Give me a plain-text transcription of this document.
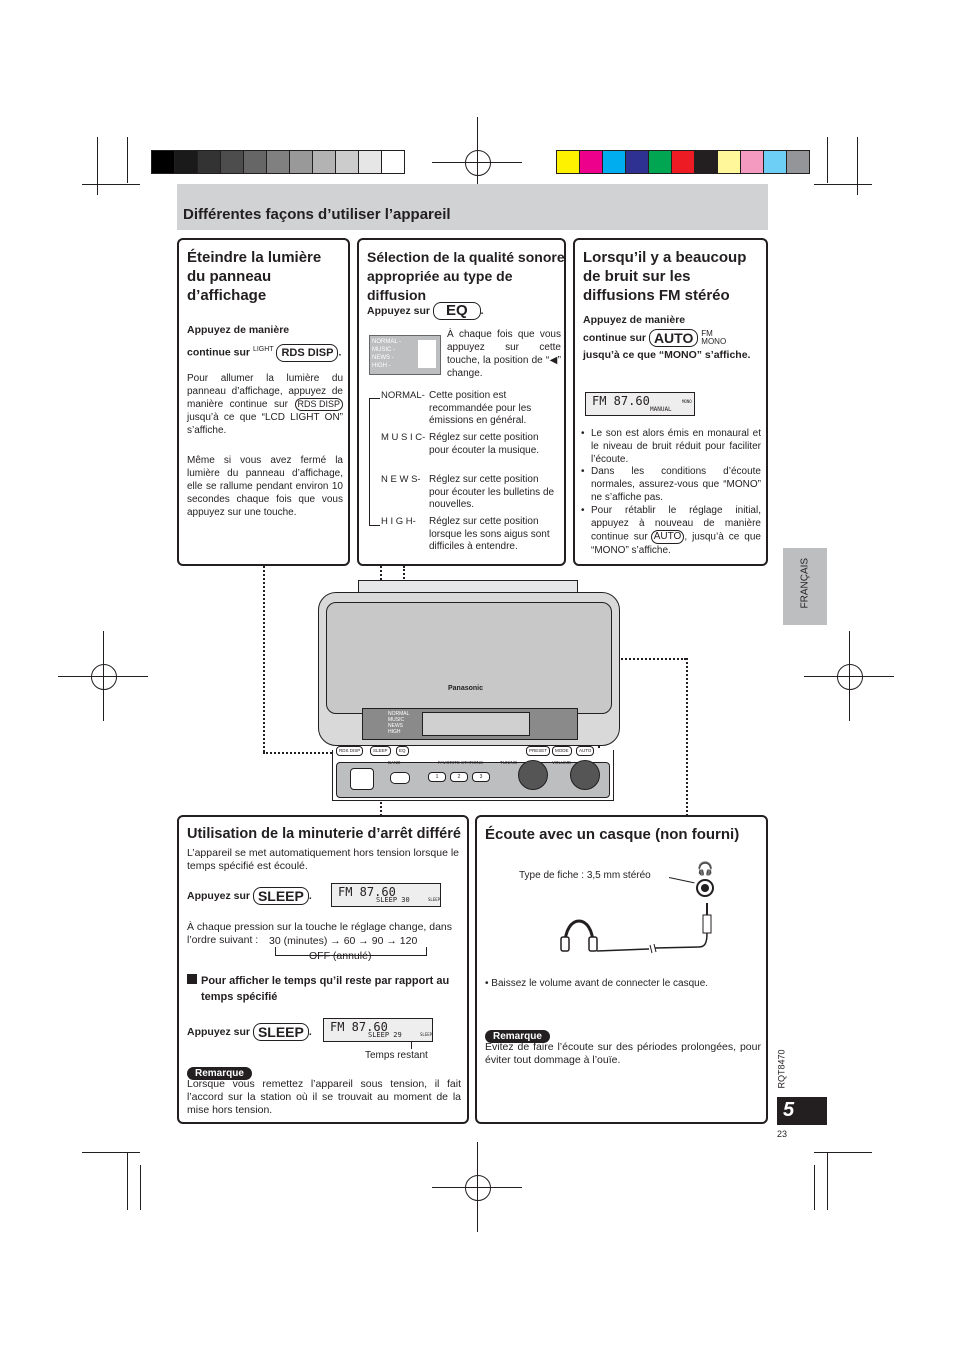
Différentes façons d’utiliser l’appareil
FRANÇAIS
Éteindre la lumière du panneau d’affichage
Appuyez de manière
continue sur $^{LIGHT}$ RDS DISP .
Pour allumer la lumière du panneau d’affichage, appuyez de manière continue sur RDS DISP jusqu’à ce que “LCD LIGHT ON” s’affiche.
Même si vous avez fermé la lumière du panneau d’affichage, elle se rallume pendant environ 10 secondes chaque fois que vous appuyez sur une touche.
Sélection de la qualité sonore appropriée au type de diffusion
Appuyez sur EQ .
NORMAL -
MUSIC -
NEWS -
HIGH -
À chaque fois que vous appuyez sur cette touche, la position de “◀” change.
NORMAL- Cette position est recommandée pour les émissions en général.
M U S I C- Réglez sur cette position pour écouter la musique.
N E W S- Réglez sur cette position pour écouter les bulletins de nouvelles.
H I G H-	Réglez sur cette position lorsque les sons aigus sont difficiles à entendre.
Lorsqu’il y a beaucoup de bruit sur les diffusions FM stéréo
Appuyez de manière
continue sur AUTO FM
MONO
jusqu’à ce que “MONO” s’affiche.
FM 87.60
MANUAL
MONO
• Le son est alors émis en monaural et le niveau de bruit réduit pour faciliter l’écoute.
• Dans les conditions d’écoute normales, assurez-vous que “MONO” ne s’affiche pas.
• Pour rétablir le réglage initial, appuyez à nouveau de manière continue sur AUTO , jusqu’à ce que “MONO” s’affiche.
Panasonic
NORMAL
MUSIC
NEWS
HIGH
RDS DISP	SLEEP	EQ	PRESET	MODE	AUTO
BAND	FAVORITE STATIONS	TUNING	VOLUME
1	2	3
Utilisation de la minuterie d’arrêt différé
L’appareil se met automatiquement hors tension lorsque le temps spécifié est écoulé.
Appuyez sur SLEEP . FM 87.60
SLEEP 30	SLEEP
À chaque pression sur la touche le réglage change, dans l’ordre suivant :	30 (minutes) → 60 → 90 → 120
OFF (annulé)
Pour afficher le temps qu’il reste par rapport au temps spécifié
Appuyez sur SLEEP . FM 87.60
SLEEP 29	SLEEP
Temps restant
Remarque
Lorsque vous remettez l’appareil sous tension, il fait l’accord sur la station où il se trouvait au moment de la mise hors tension.
Écoute avec un casque (non fourni)
Type de fiche : 3,5 mm stéréo	🎧
• Baissez le volume avant de connecter le casque.
Remarque
Évitez de faire l’écoute sur des périodes prolongées, pour éviter tout dommage à l’ouïe.	RQT8470
5
23
